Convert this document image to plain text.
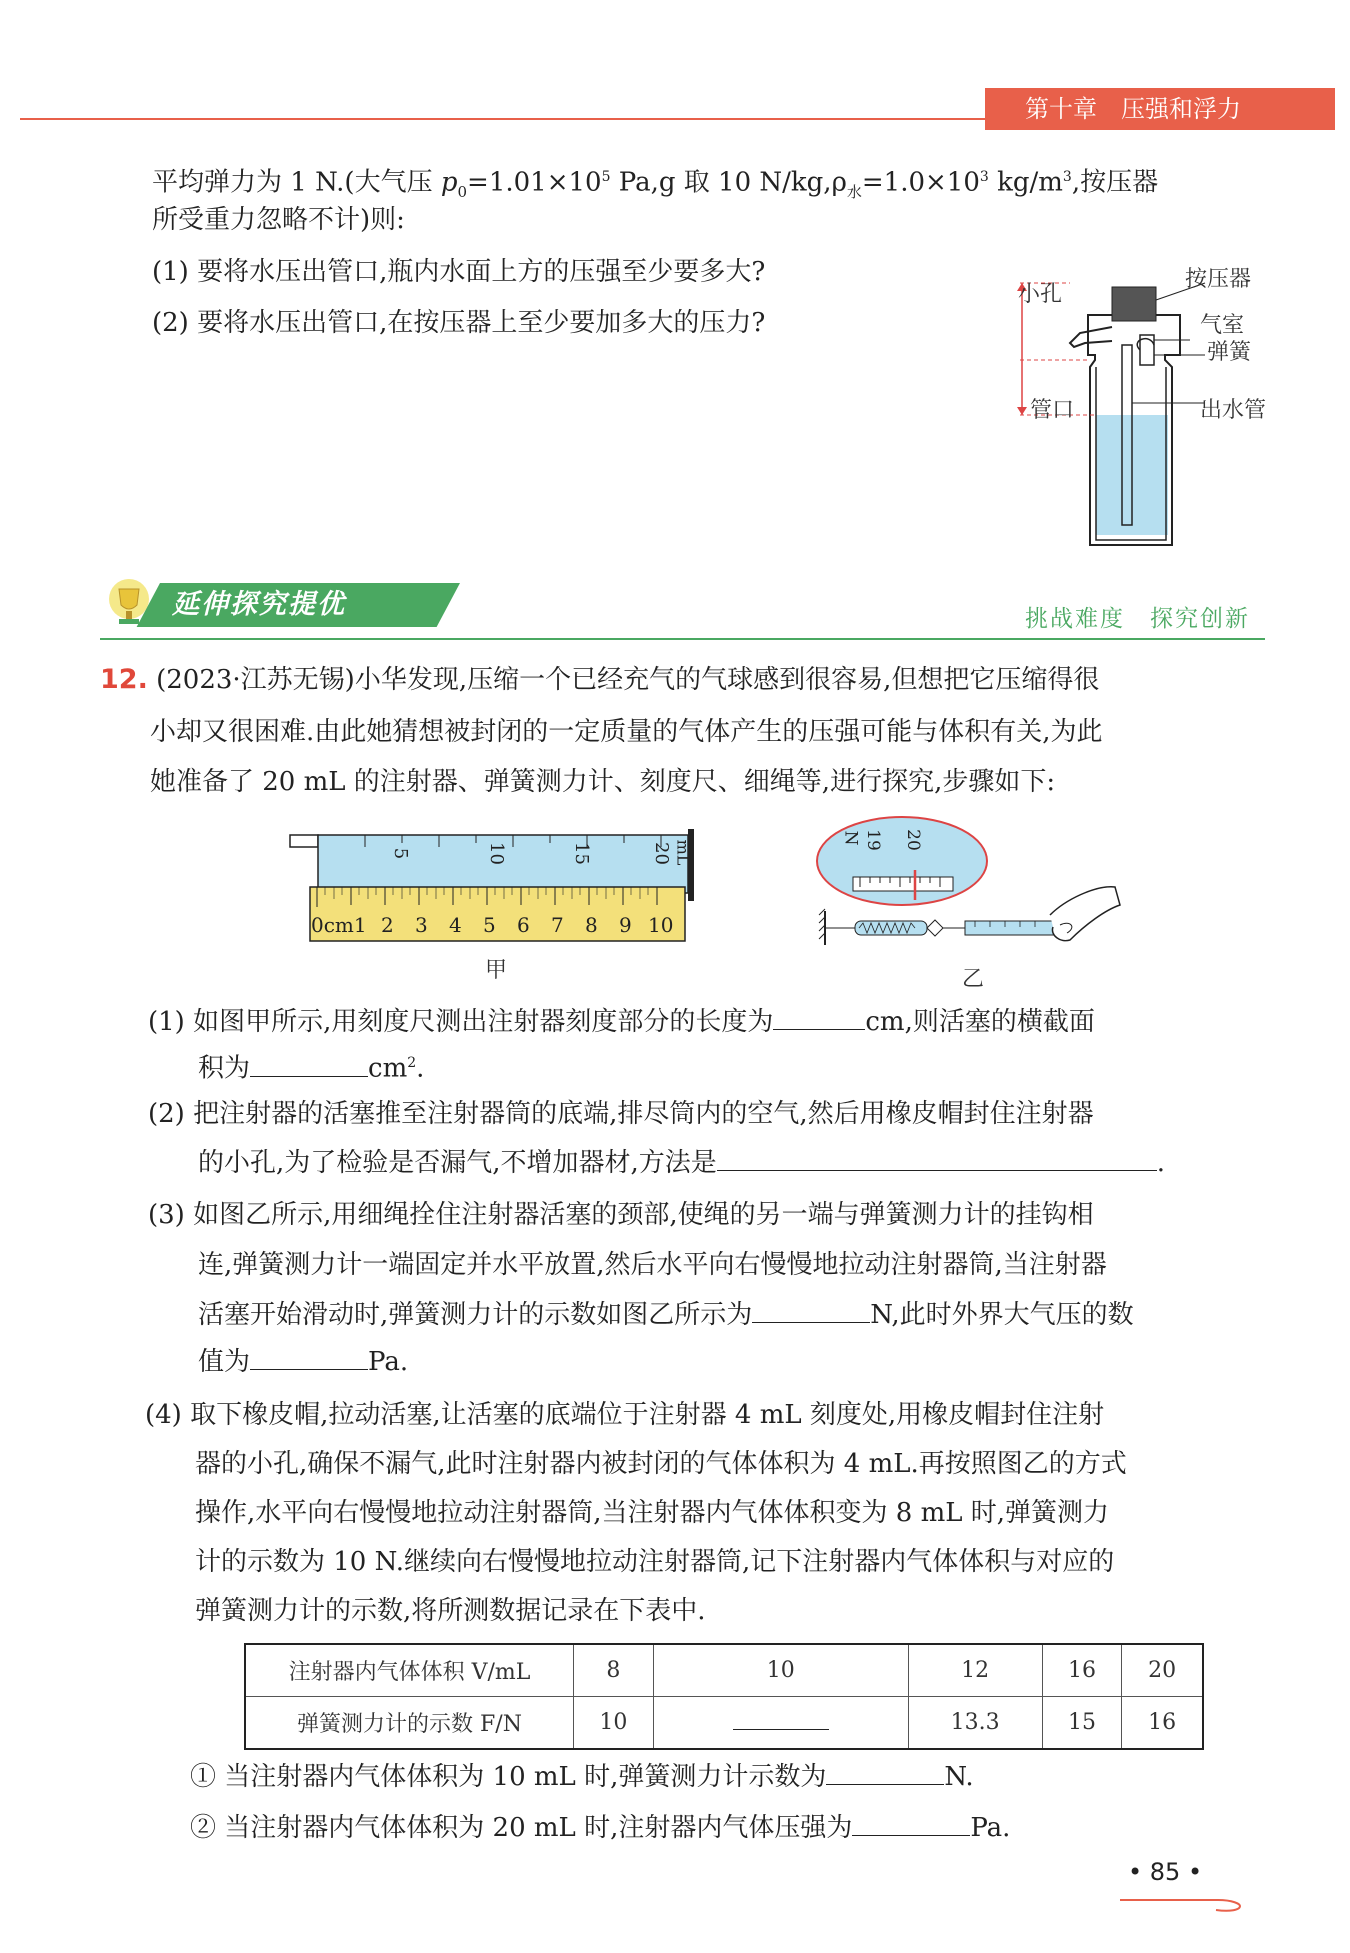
第十章　压强和浮力
平均弹力为 1 N.(大气压 $p_0=1.01\times 10^5$ Pa,g 取 10 $N/kg,\rho_水=1.0\times 10^3$ $kg/m^3$,按压器
所受重力忽略不计)则:
(1) 要将水压出管口,瓶内水面上方的压强至少要多大?
(2) 要将水压出管口,在按压器上至少要加多大的压力?
小孔
按压器
气室
弹簧
管口	出水管
延伸探究提优	挑战难度　探究创新
12. (2023·江苏无锡)小华发现,压缩一个已经充气的气球感到很容易,但想把它压缩得很
小却又很困难.由此她猜想被封闭的一定质量的气体产生的压强可能与体积有关,为此
她准备了 20 mL 的注射器、弹簧测力计、刻度尺、细绳等,进行探究,步骤如下:
5	10	15	20 mL
0cm1 2 3 4 5 6 7 8 9 10
甲
N 19 20
乙
(1) 如图甲所示,用刻度尺测出注射器刻度部分的长度为	cm,则活塞的横截面
积为	$cm^2$.
(2) 把注射器的活塞推至注射器筒的底端,排尽筒内的空气,然后用橡皮帽封住注射器
的小孔,为了检验是否漏气,不增加器材,方法是	.
(3) 如图乙所示,用细绳拴住注射器活塞的颈部,使绳的另一端与弹簧测力计的挂钩相
连,弹簧测力计一端固定并水平放置,然后水平向右慢慢地拉动注射器筒,当注射器
活塞开始滑动时,弹簧测力计的示数如图乙所示为	N,此时外界大气压的数
值为	Pa.
(4) 取下橡皮帽,拉动活塞,让活塞的底端位于注射器 4 mL 刻度处,用橡皮帽封住注射
器的小孔,确保不漏气,此时注射器内被封闭的气体体积为 4 mL.再按照图乙的方式
操作,水平向右慢慢地拉动注射器筒,当注射器内气体体积变为 8 mL 时,弹簧测力
计的示数为 10 N.继续向右慢慢地拉动注射器筒,记下注射器内气体体积与对应的
弹簧测力计的示数,将所测数据记录在下表中.
注射器内气体体积 V/mL	8	10	12	16	20
弹簧测力计的示数 F/N	10		13.3	15	16
① 当注射器内气体体积为 10 mL 时,弹簧测力计示数为	N.
② 当注射器内气体体积为 20 mL 时,注射器内气体压强为	Pa.
• 85 •
